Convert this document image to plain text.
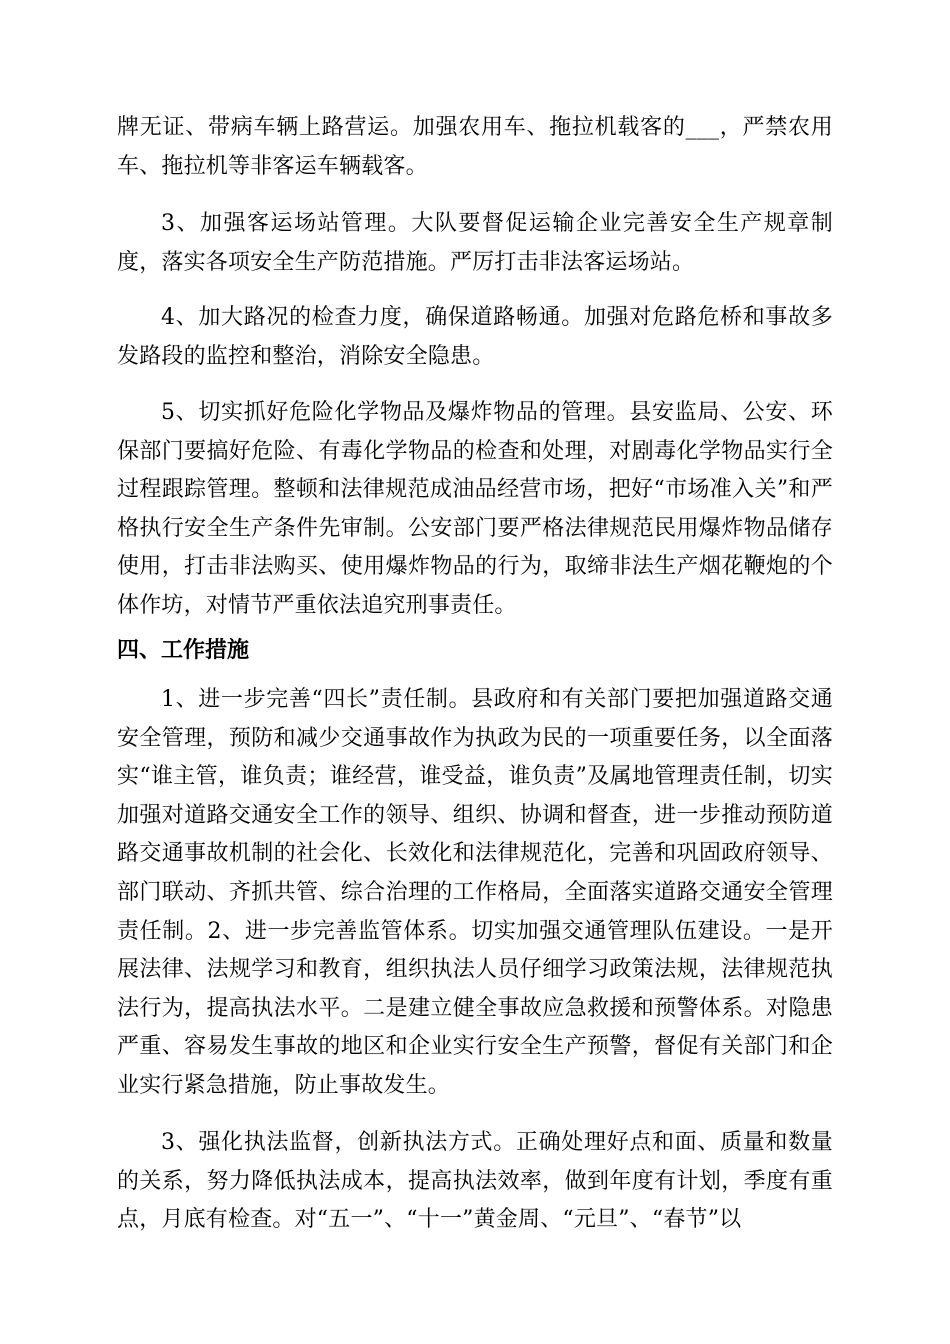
牌无证、带病车辆上路营运。加强农用车、拖拉机载客的___，严禁农用车、拖拉机等非客运车辆载客。

3、加强客运场站管理。大队要督促运输企业完善安全生产规章制度，落实各项安全生产防范措施。严厉打击非法客运场站。

4、加大路况的检查力度，确保道路畅通。加强对危路危桥和事故多发路段的监控和整治，消除安全隐患。

5、切实抓好危险化学物品及爆炸物品的管理。县安监局、公安、环保部门要搞好危险、有毒化学物品的检查和处理，对剧毒化学物品实行全过程跟踪管理。整顿和法律规范成油品经营市场，把好“市场准入关”和严格执行安全生产条件先审制。公安部门要严格法律规范民用爆炸物品储存使用，打击非法购买、使用爆炸物品的行为，取缔非法生产烟花鞭炮的个体作坊，对情节严重依法追究刑事责任。

四、工作措施

1、进一步完善“四长”责任制。县政府和有关部门要把加强道路交通安全管理，预防和减少交通事故作为执政为民的一项重要任务，以全面落实“谁主管，谁负责；谁经营，谁受益，谁负责”及属地管理责任制，切实加强对道路交通安全工作的领导、组织、协调和督查，进一步推动预防道路交通事故机制的社会化、长效化和法律规范化，完善和巩固政府领导、部门联动、齐抓共管、综合治理的工作格局，全面落实道路交通安全管理责任制。2、进一步完善监管体系。切实加强交通管理队伍建设。一是开展法律、法规学习和教育，组织执法人员仔细学习政策法规，法律规范执法行为，提高执法水平。二是建立健全事故应急救援和预警体系。对隐患严重、容易发生事故的地区和企业实行安全生产预警，督促有关部门和企业实行紧急措施，防止事故发生。

3、强化执法监督，创新执法方式。正确处理好点和面、质量和数量的关系，努力降低执法成本，提高执法效率，做到年度有计划，季度有重点，月底有检查。对“五一”、“十一”黄金周、“元旦”、“春节”以
